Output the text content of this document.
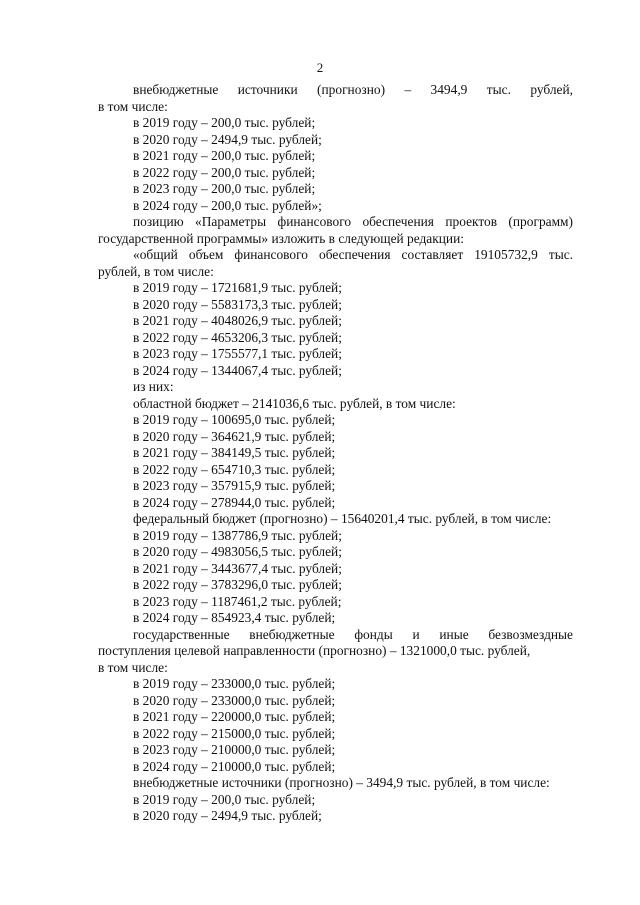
2

внебюджетные источники (прогнозно) – 3494,9 тыс. рублей,

в том числе:

в 2019 году – 200,0 тыс. рублей;

в 2020 году – 2494,9 тыс. рублей;

в 2021 году – 200,0 тыс. рублей;

в 2022 году – 200,0 тыс. рублей;

в 2023 году – 200,0 тыс. рублей;

в 2024 году – 200,0 тыс. рублей»;

позицию «Параметры финансового обеспечения проектов (программ)

государственной программы» изложить в следующей редакции:

«общий объем финансового обеспечения составляет 19105732,9 тыс.

рублей, в том числе:

в 2019 году – 1721681,9 тыс. рублей;

в 2020 году – 5583173,3 тыс. рублей;

в 2021 году – 4048026,9 тыс. рублей;

в 2022 году – 4653206,3 тыс. рублей;

в 2023 году – 1755577,1 тыс. рублей;

в 2024 году – 1344067,4 тыс. рублей;

из них:

областной бюджет – 2141036,6 тыс. рублей, в том числе:

в 2019 году – 100695,0 тыс. рублей;

в 2020 году – 364621,9 тыс. рублей;

в 2021 году – 384149,5 тыс. рублей;

в 2022 году – 654710,3 тыс. рублей;

в 2023 году – 357915,9 тыс. рублей;

в 2024 году – 278944,0 тыс. рублей;

федеральный бюджет (прогнозно) – 15640201,4 тыс. рублей, в том числе:

в 2019 году – 1387786,9 тыс. рублей;

в 2020 году – 4983056,5 тыс. рублей;

в 2021 году – 3443677,4 тыс. рублей;

в 2022 году – 3783296,0 тыс. рублей;

в 2023 году – 1187461,2 тыс. рублей;

в 2024 году – 854923,4 тыс. рублей;

государственные внебюджетные фонды и иные безвозмездные

поступления целевой направленности (прогнозно) – 1321000,0 тыс. рублей,

в том числе:

в 2019 году – 233000,0 тыс. рублей;

в 2020 году – 233000,0 тыс. рублей;

в 2021 году – 220000,0 тыс. рублей;

в 2022 году – 215000,0 тыс. рублей;

в 2023 году – 210000,0 тыс. рублей;

в 2024 году – 210000,0 тыс. рублей;

внебюджетные источники (прогнозно) – 3494,9 тыс. рублей, в том числе:

в 2019 году – 200,0 тыс. рублей;

в 2020 году – 2494,9 тыс. рублей;
